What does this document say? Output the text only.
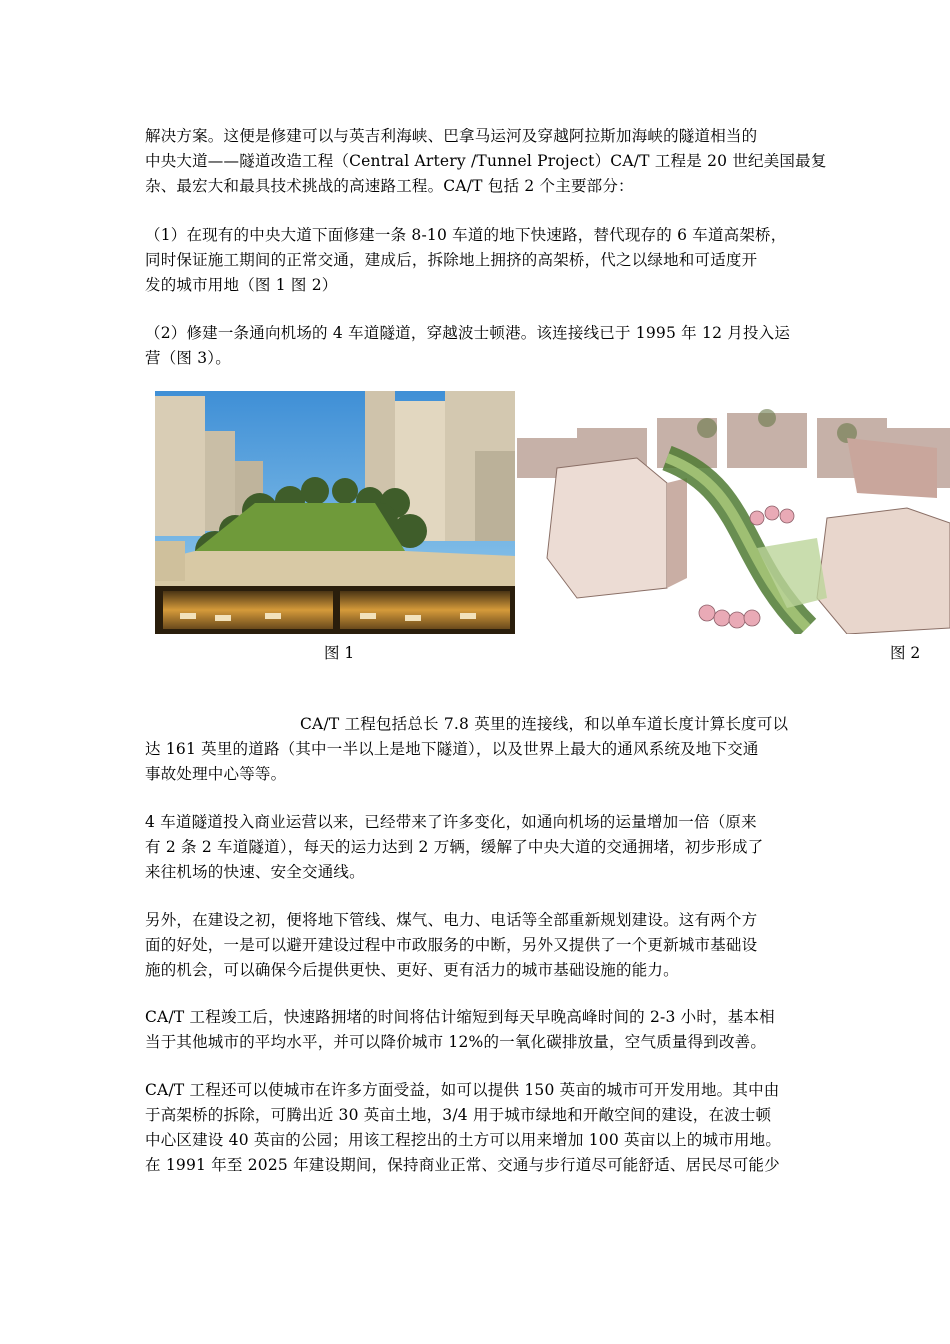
解决方案。这便是修建可以与英吉利海峡、巴拿马运河及穿越阿拉斯加海峡的隧道相当的
中央大道——隧道改造工程（Central Artery /Tunnel Project）CA/T 工程是 20 世纪美国最复
杂、最宏大和最具技术挑战的高速路工程。CA/T 包括 2 个主要部分：
（1）在现有的中央大道下面修建一条 8-10 车道的地下快速路，替代现存的 6 车道高架桥，
同时保证施工期间的正常交通，建成后，拆除地上拥挤的高架桥，代之以绿地和可适度开
发的城市用地（图 1 图 2）
（2）修建一条通向机场的 4 车道隧道，穿越波士顿港。该连接线已于 1995 年 12 月投入运
营（图 3）。
图 1	图 2
CA/T 工程包括总长 7.8 英里的连接线，和以单车道长度计算长度可以
达 161 英里的道路（其中一半以上是地下隧道），以及世界上最大的通风系统及地下交通
事故处理中心等等。
4 车道隧道投入商业运营以来，已经带来了许多变化，如通向机场的运量增加一倍（原来
有 2 条 2 车道隧道），每天的运力达到 2 万辆，缓解了中央大道的交通拥堵，初步形成了
来往机场的快速、安全交通线。
另外，在建设之初，便将地下管线、煤气、电力、电话等全部重新规划建设。这有两个方
面的好处，一是可以避开建设过程中市政服务的中断，另外又提供了一个更新城市基础设
施的机会，可以确保今后提供更快、更好、更有活力的城市基础设施的能力。
CA/T 工程竣工后，快速路拥堵的时间将估计缩短到每天早晚高峰时间的 2-3 小时，基本相
当于其他城市的平均水平，并可以降价城市 12%的一氧化碳排放量，空气质量得到改善。
CA/T 工程还可以使城市在许多方面受益，如可以提供 150 英亩的城市可开发用地。其中由
于高架桥的拆除，可腾出近 30 英亩土地，3/4 用于城市绿地和开敞空间的建设，在波士顿
中心区建设 40 英亩的公园；用该工程挖出的土方可以用来增加 100 英亩以上的城市用地。
在 1991 年至 2025 年建设期间，保持商业正常、交通与步行道尽可能舒适、居民尽可能少
